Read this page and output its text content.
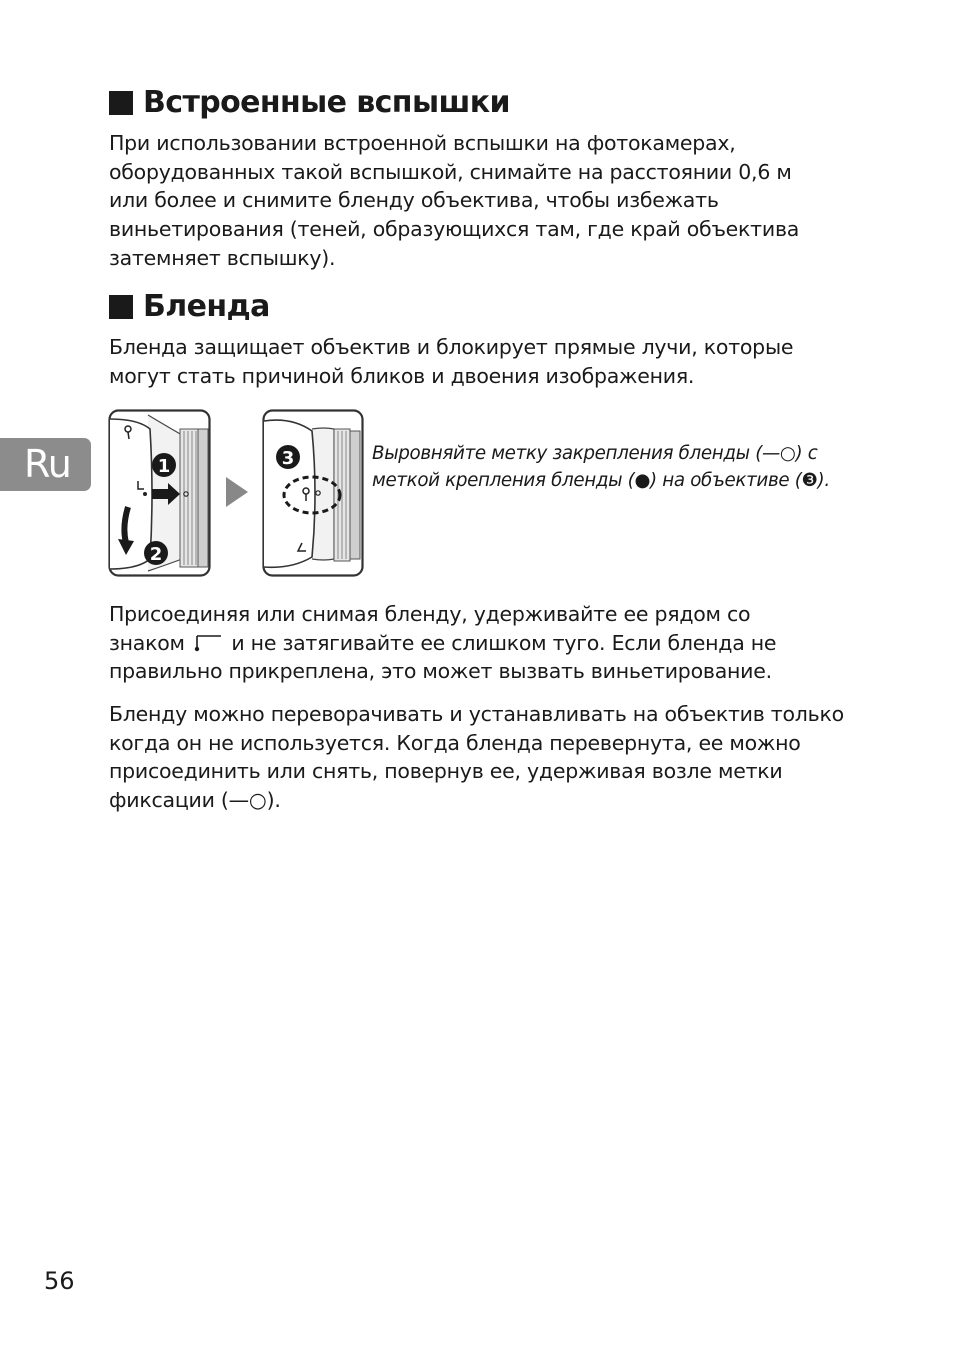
Встроенные вспышки

При использовании встроенной вспышки на фотокамерах,

оборудованных такой вспышкой, снимайте на расстоянии 0,6 м

или более и снимите бленду объектива, чтобы избежать

виньетирования (теней, образующихся там, где край объектива

затемняет вспышку).

Бленда

Бленда защищает объектив и блокирует прямые лучи, которые

могут стать причиной бликов и двоения изображения.

Ru	1
2
3	Выровняйте метку закрепления бленды (—○) с
меткой крепления бленды (●) на объективе (❸).

Присоединяя или снимая бленду, удерживайте ее рядом со

знаком и не затягивайте ее слишком туго. Если бленда не

правильно прикреплена, это может вызвать виньетирование.

Бленду можно переворачивать и устанавливать на объектив только

когда он не используется. Когда бленда перевернута, ее можно

присоединить или снять, повернув ее, удерживая возле метки

фиксации (—○).

56
